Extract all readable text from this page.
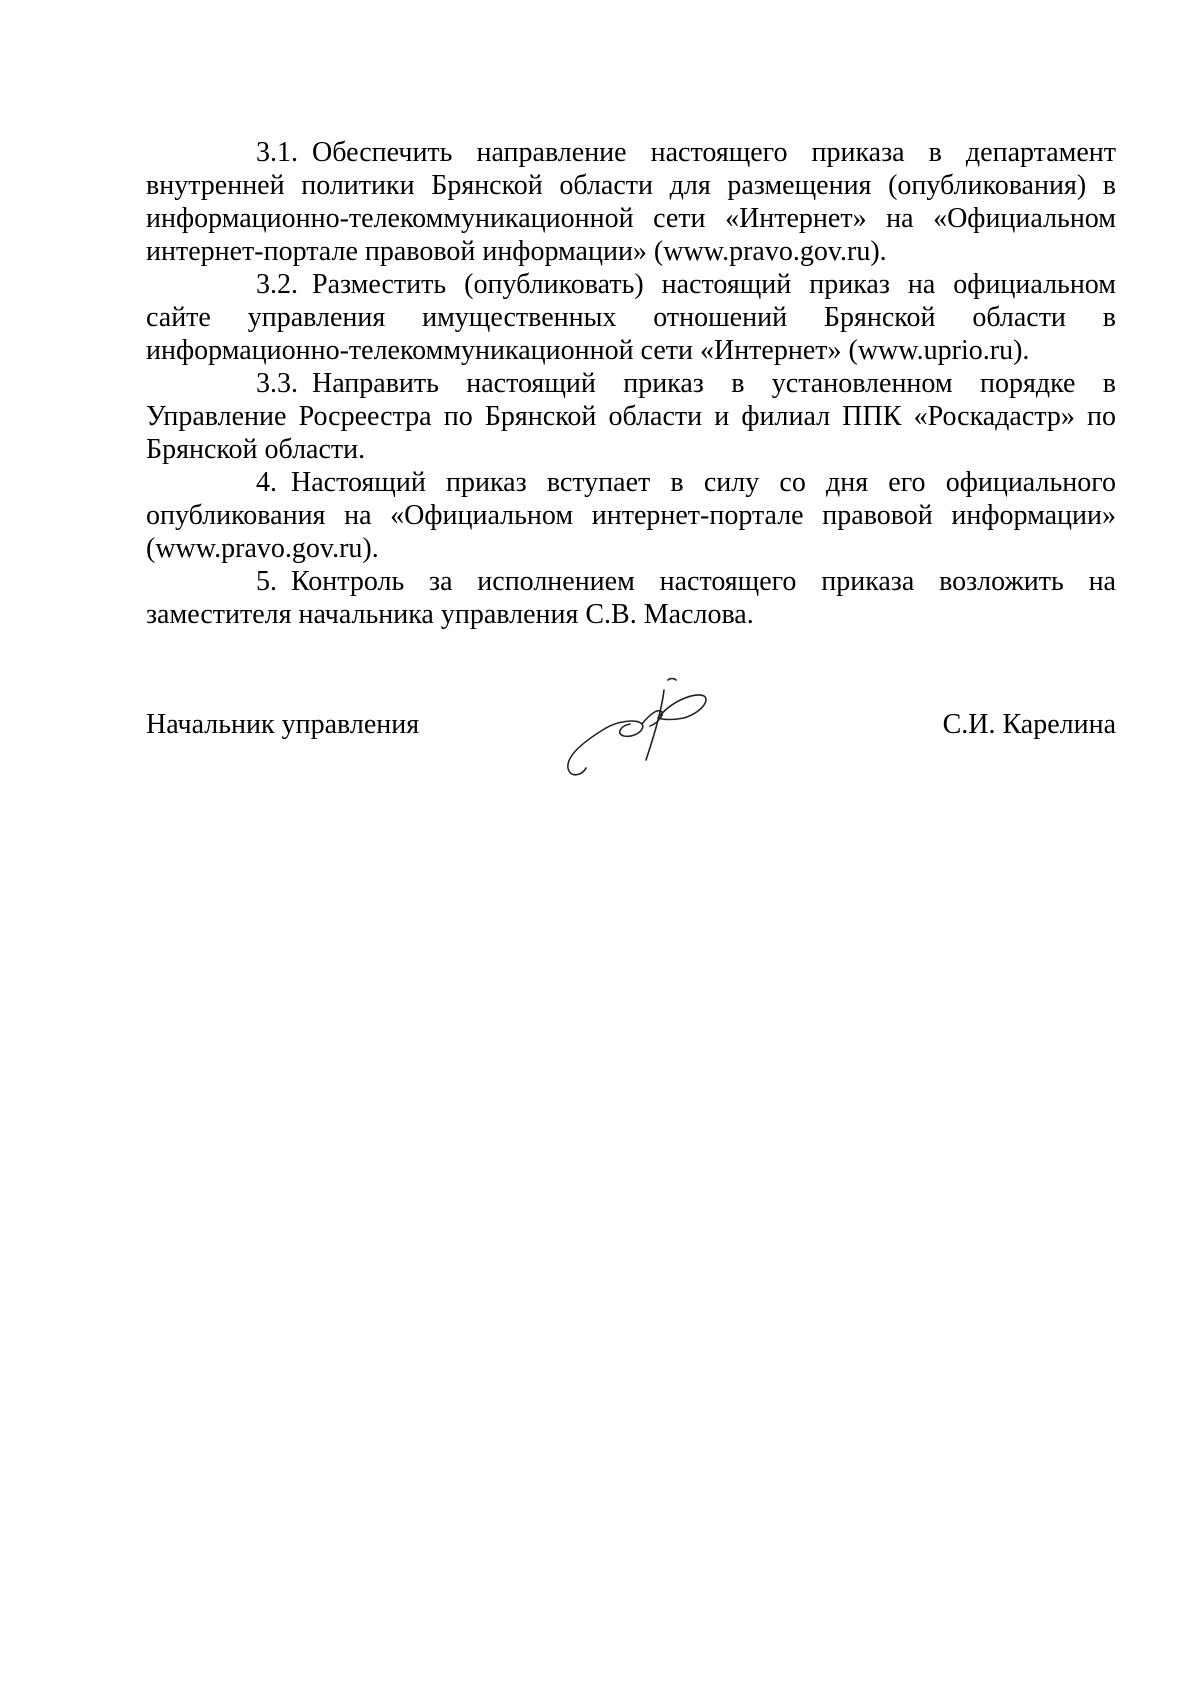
3.1. Обеспечить направление настоящего приказа в департамент внутренней политики Брянской области для размещения (опубликования) в информационно-телекоммуникационной сети «Интернет» на «Официальном интернет-портале правовой информации» (www.pravo.gov.ru).

3.2. Разместить (опубликовать) настоящий приказ на официальном сайте управления имущественных отношений Брянской области в информационно-телекоммуникационной сети «Интернет» (www.uprio.ru).

3.3. Направить настоящий приказ в установленном порядке в Управление Росреестра по Брянской области и филиал ППК «Роскадастр» по Брянской области.

4. Настоящий приказ вступает в силу со дня его официального опубликования на «Официальном интернет-портале правовой информации» (www.pravo.gov.ru).

5. Контроль за исполнением настоящего приказа возложить на заместителя начальника управления С.В. Маслова.

Начальник управления	С.И. Карелина
